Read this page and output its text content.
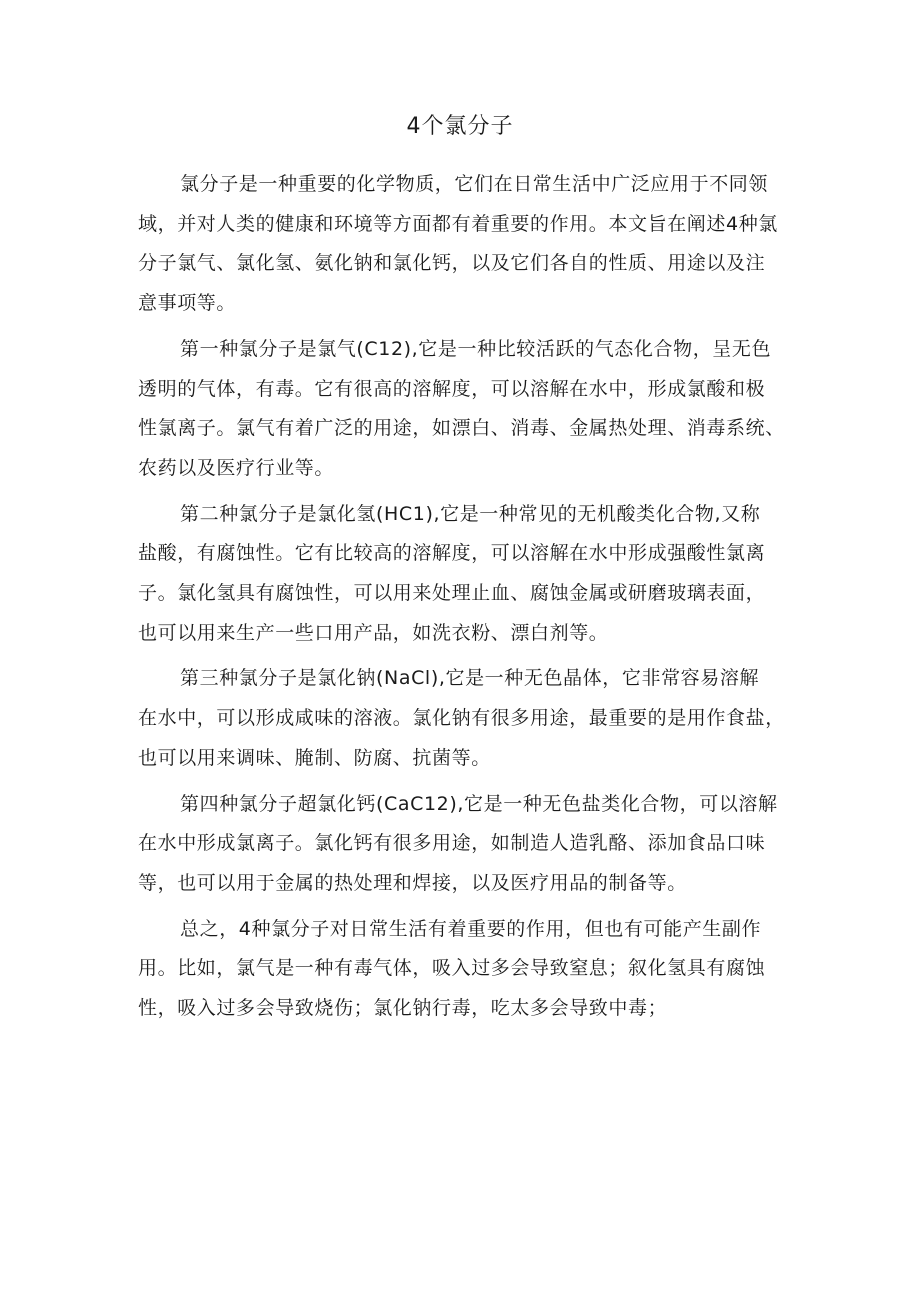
4个氯分子

氯分子是一种重要的化学物质，它们在日常生活中广泛应用于不同领
域，并对人类的健康和环境等方面都有着重要的作用。本文旨在阐述4种氯
分子氯气、氯化氢、氨化钠和氯化钙，以及它们各自的性质、用途以及注
意事项等。

第一种氯分子是氯气(C12),它是一种比较活跃的气态化合物，呈无色
透明的气体，有毒。它有很高的溶解度，可以溶解在水中，形成氯酸和极
性氯离子。氯气有着广泛的用途，如漂白、消毒、金属热处理、消毒系统、
农药以及医疗行业等。

第二种氯分子是氯化氢(HC1),它是一种常见的无机酸类化合物,又称
盐酸，有腐蚀性。它有比较高的溶解度，可以溶解在水中形成强酸性氯离
子。氯化氢具有腐蚀性，可以用来处理止血、腐蚀金属或研磨玻璃表面，
也可以用来生产一些口用产品，如洗衣粉、漂白剂等。

第三种氯分子是氯化钠(NaCl),它是一种无色晶体，它非常容易溶解
在水中，可以形成咸味的溶液。氯化钠有很多用途，最重要的是用作食盐，
也可以用来调味、腌制、防腐、抗菌等。

第四种氯分子超氯化钙(CaC12),它是一种无色盐类化合物，可以溶解
在水中形成氯离子。氯化钙有很多用途，如制造人造乳酪、添加食品口味
等，也可以用于金属的热处理和焊接，以及医疗用品的制备等。

总之，4种氯分子对日常生活有着重要的作用，但也有可能产生副作
用。比如，氯气是一种有毒气体，吸入过多会导致窒息；叙化氢具有腐蚀
性，吸入过多会导致烧伤；氯化钠行毒，吃太多会导致中毒；
